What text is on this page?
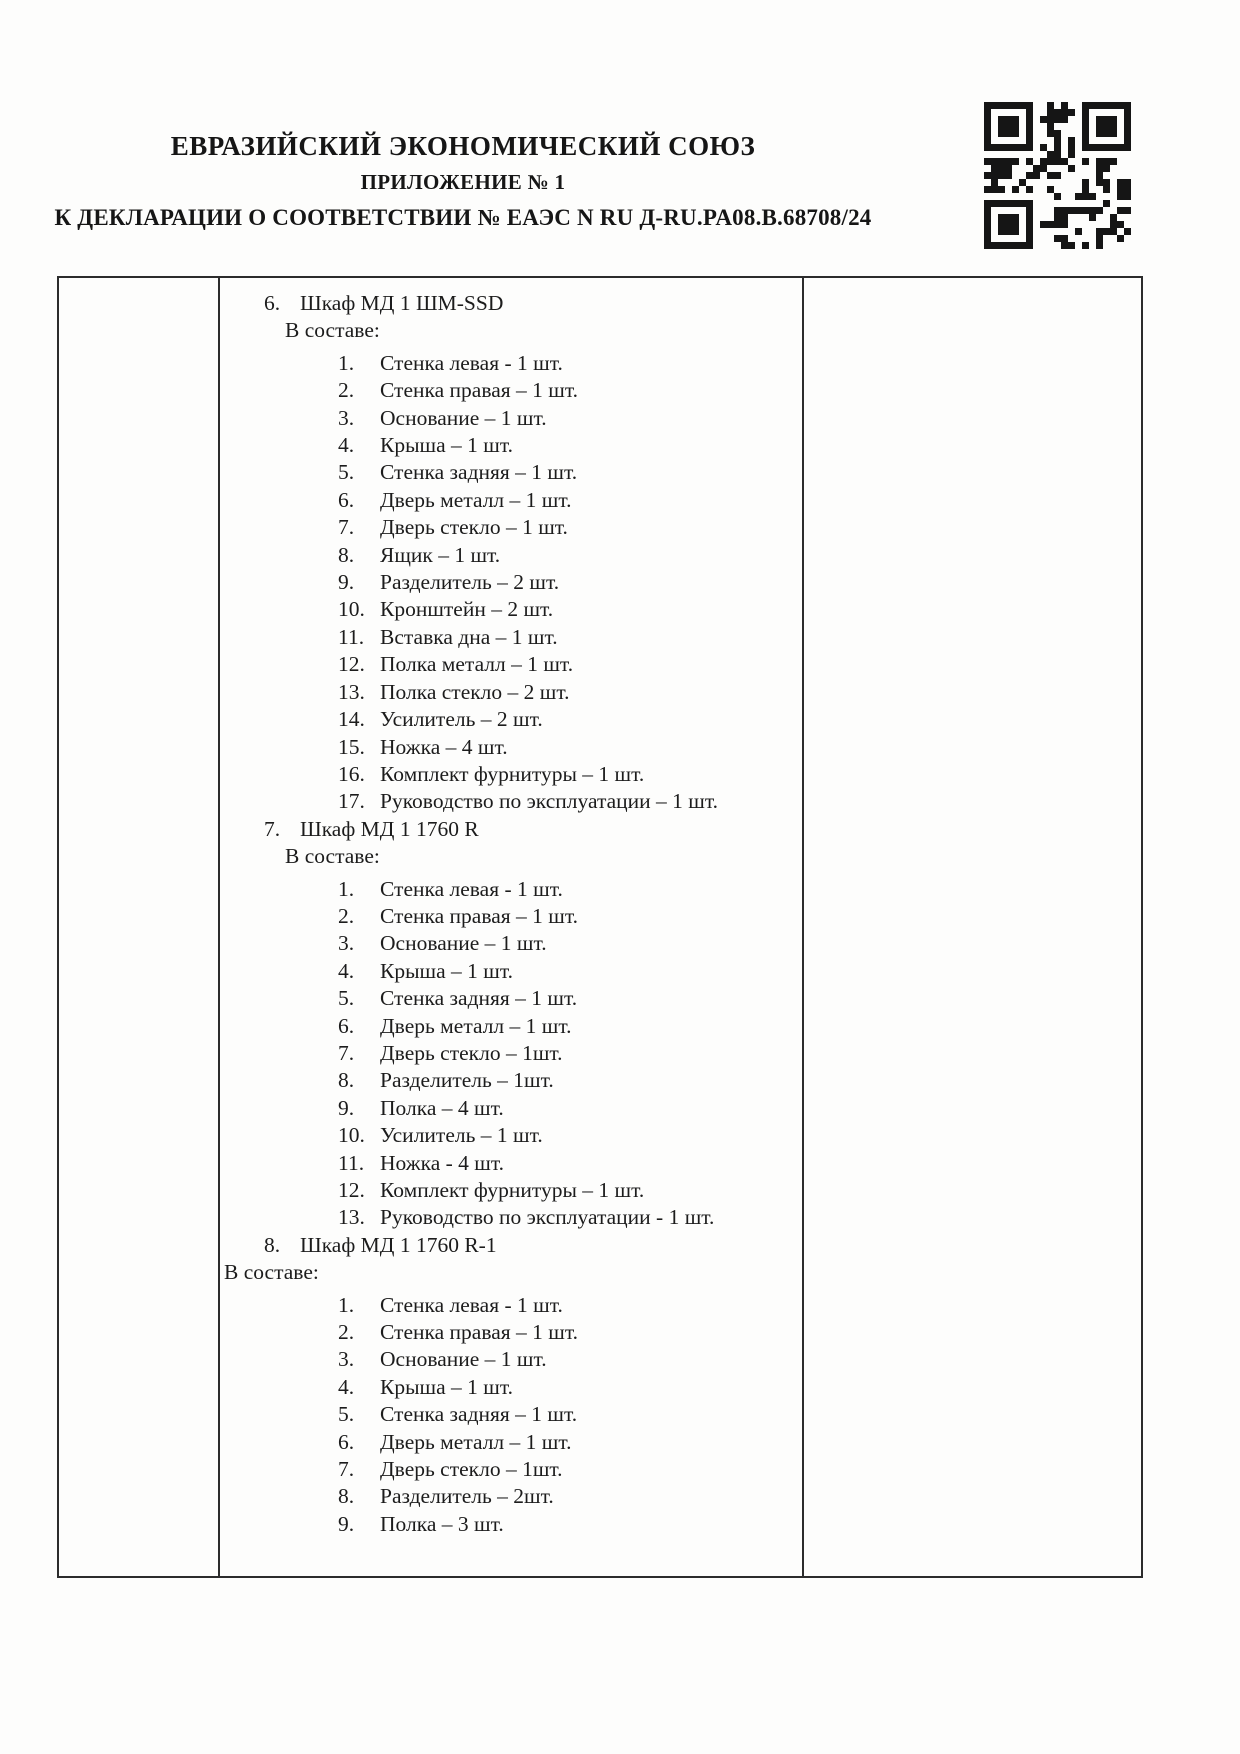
ЕВРАЗИЙСКИЙ ЭКОНОМИЧЕСКИЙ СОЮЗ
ПРИЛОЖЕНИЕ № 1
К ДЕКЛАРАЦИИ О СООТВЕТСТВИИ № ЕАЭС N RU Д-RU.PA08.B.68708/24
6. Шкаф МД 1 ШМ-SSD
В составе:
1.	Стенка левая - 1 шт.
2.	Стенка правая – 1 шт.
3.	Основание – 1 шт.
4.	Крыша – 1 шт.
5.	Стенка задняя – 1 шт.
6.	Дверь металл – 1 шт.
7.	Дверь стекло – 1 шт.
8.	Ящик – 1 шт.
9.	Разделитель – 2 шт.
10. Кронштейн – 2 шт.
11. Вставка дна – 1 шт.
12. Полка металл – 1 шт.
13. Полка стекло – 2 шт.
14. Усилитель – 2 шт.
15. Ножка – 4 шт.
16. Комплект фурнитуры – 1 шт.
17. Руководство по эксплуатации – 1 шт.
7. Шкаф МД 1 1760 R
В составе:
1.	Стенка левая - 1 шт.
2.	Стенка правая – 1 шт.
3.	Основание – 1 шт.
4.	Крыша – 1 шт.
5.	Стенка задняя – 1 шт.
6.	Дверь металл – 1 шт.
7.	Дверь стекло – 1шт.
8.	Разделитель – 1шт.
9.	Полка – 4 шт.
10. Усилитель – 1 шт.
11. Ножка - 4 шт.
12. Комплект фурнитуры – 1 шт.
13. Руководство по эксплуатации - 1 шт.
8. Шкаф МД 1 1760 R-1
В составе:
1.	Стенка левая - 1 шт.
2.	Стенка правая – 1 шт.
3.	Основание – 1 шт.
4.	Крыша – 1 шт.
5.	Стенка задняя – 1 шт.
6.	Дверь металл – 1 шт.
7.	Дверь стекло – 1шт.
8.	Разделитель – 2шт.
9.	Полка – 3 шт.
